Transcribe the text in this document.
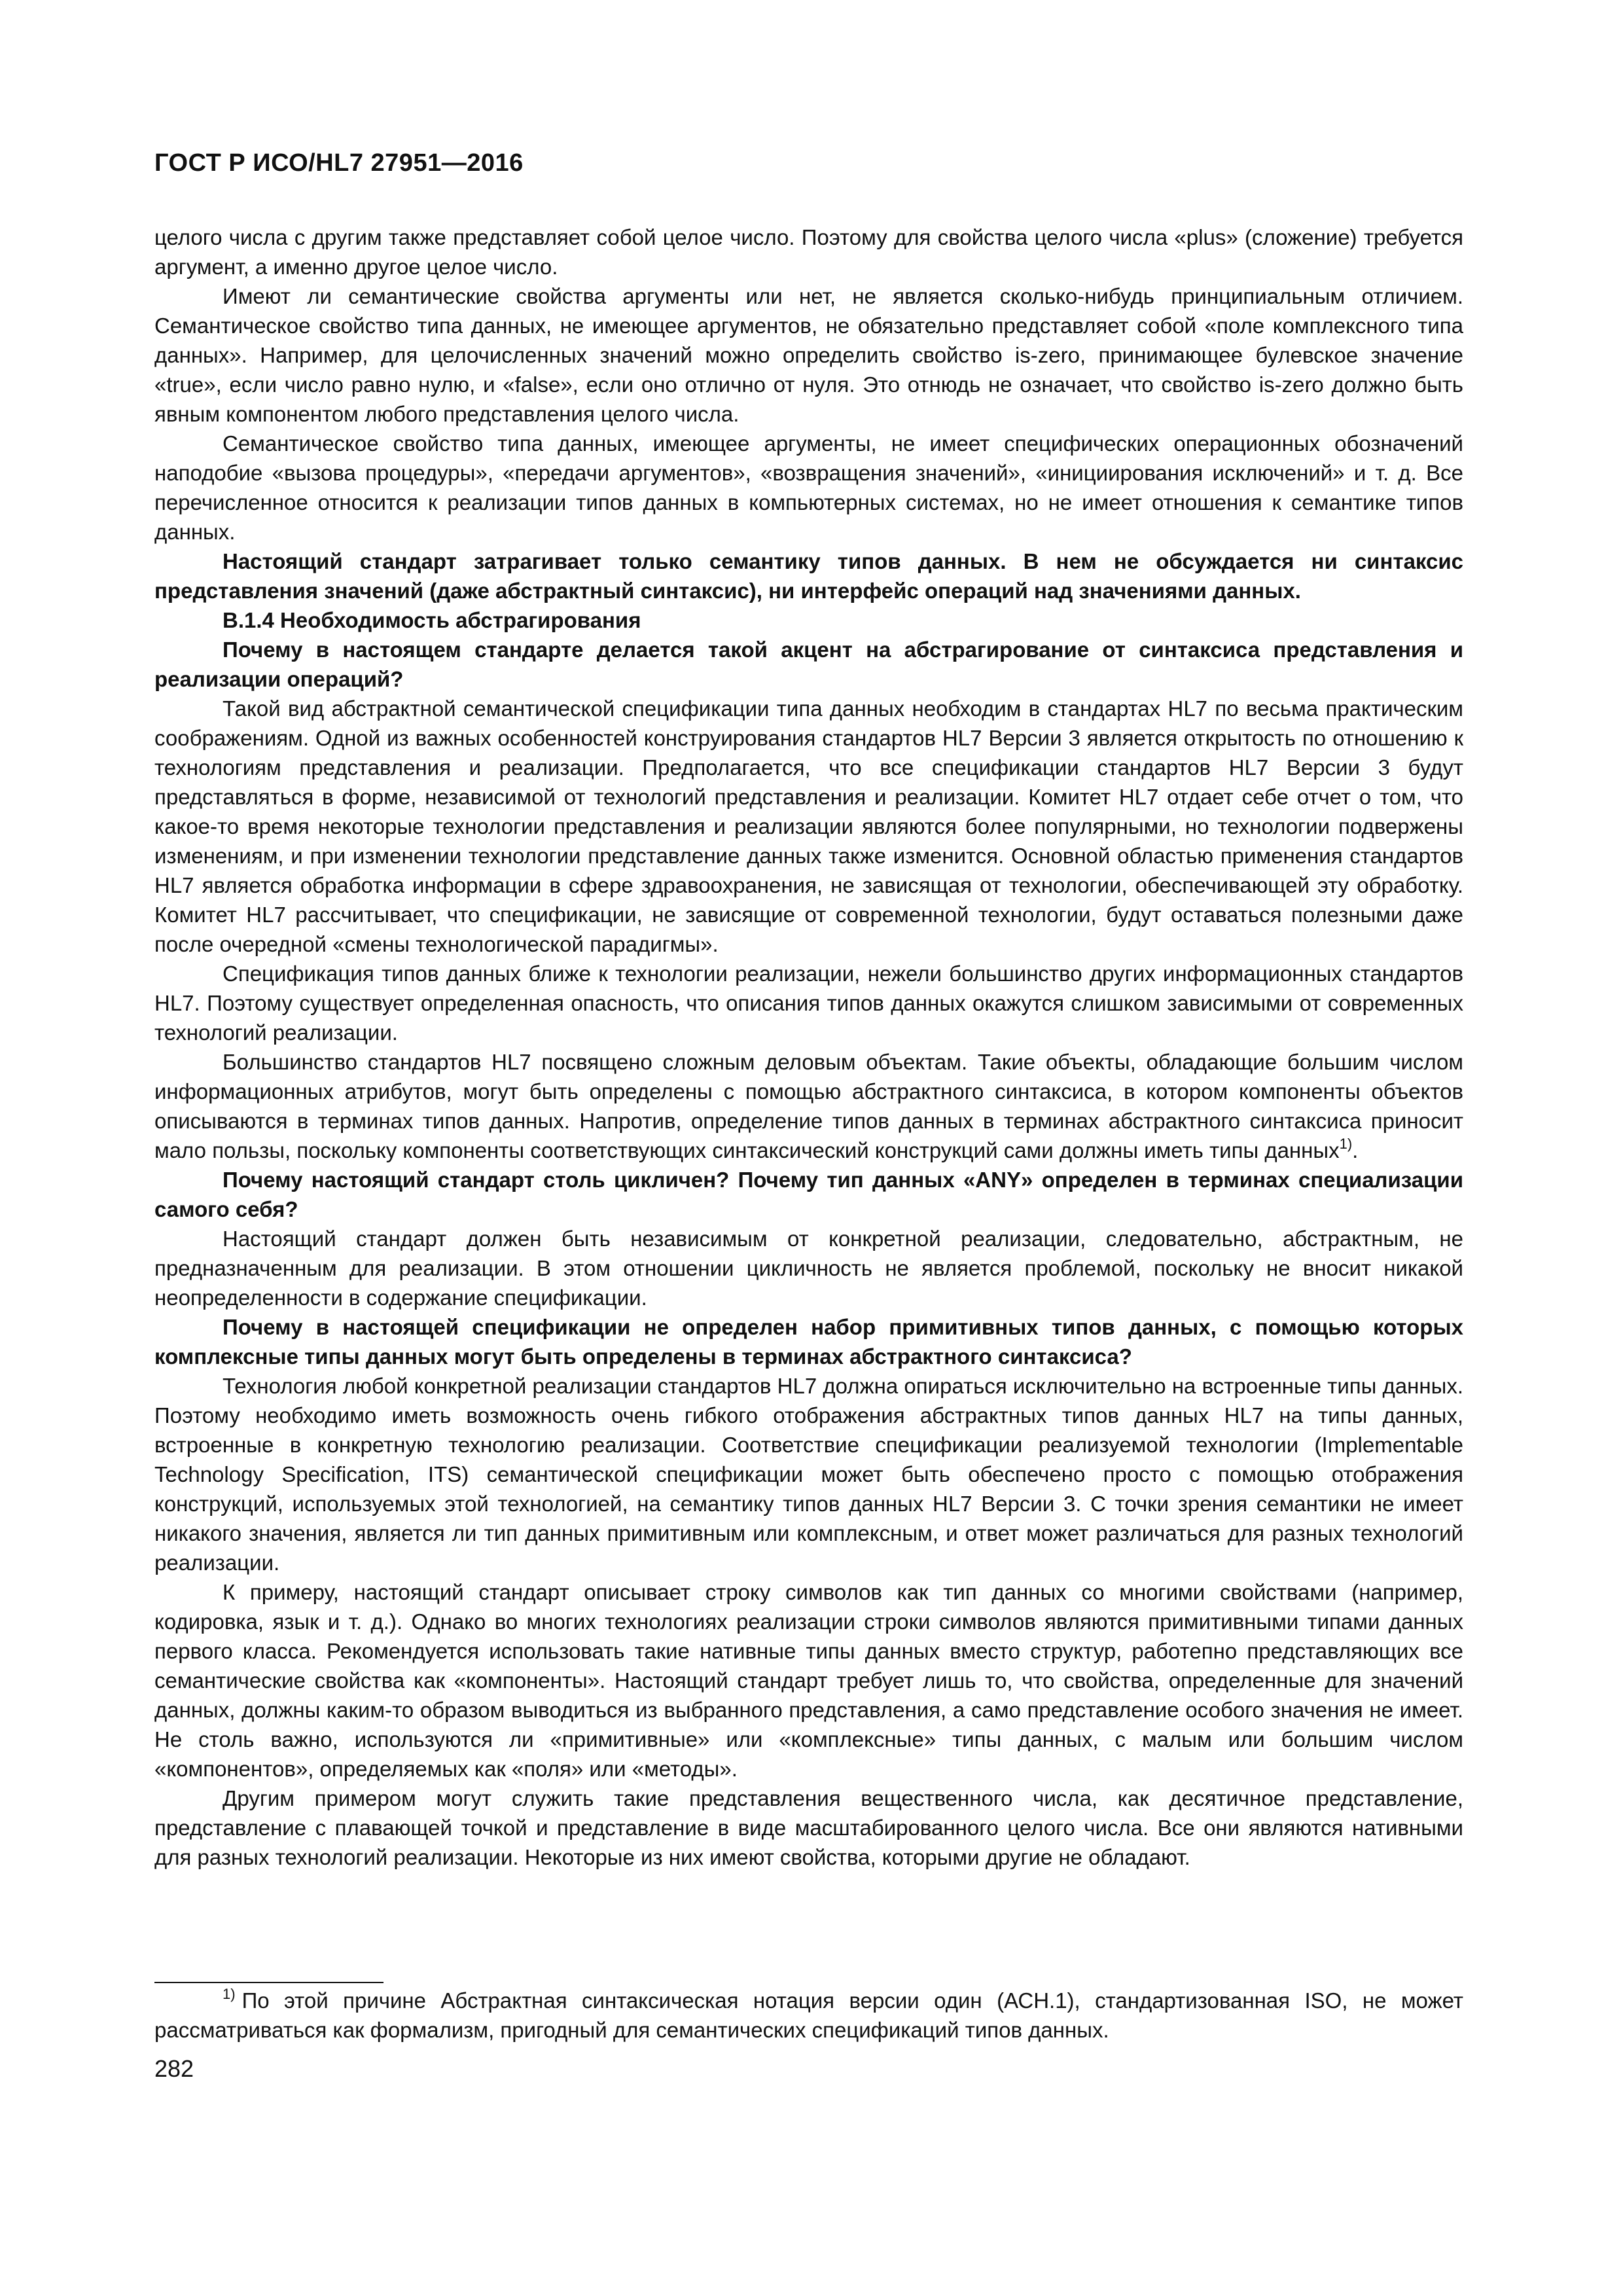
ГОСТ Р ИСО/HL7 27951—2016

целого числа с другим также представляет собой целое число. Поэтому для свойства целого числа «plus» (сложение) требуется аргумент, а именно другое целое число.

Имеют ли семантические свойства аргументы или нет, не является сколько-нибудь принципиальным отличием. Семантическое свойство типа данных, не имеющее аргументов, не обязательно представляет собой «поле комплексного типа данных». Например, для целочисленных значений можно определить свойство is-zero, принимающее булевское значение «true», если число равно нулю, и «false», если оно отлично от нуля. Это отнюдь не означает, что свойство is-zero должно быть явным компонентом любого представления целого числа.

Семантическое свойство типа данных, имеющее аргументы, не имеет специфических операционных обозначений наподобие «вызова процедуры», «передачи аргументов», «возвращения значений», «инициирования исключений» и т. д. Все перечисленное относится к реализации типов данных в компьютерных системах, но не имеет отношения к семантике типов данных.

Настоящий стандарт затрагивает только семантику типов данных. В нем не обсуждается ни синтаксис представления значений (даже абстрактный синтаксис), ни интерфейс операций над значениями данных.

В.1.4 Необходимость абстрагирования

Почему в настоящем стандарте делается такой акцент на абстрагирование от синтаксиса представления и реализации операций?

Такой вид абстрактной семантической спецификации типа данных необходим в стандартах HL7 по весьма практическим соображениям. Одной из важных особенностей конструирования стандартов HL7 Версии 3 является открытость по отношению к технологиям представления и реализации. Предполагается, что все спецификации стандартов HL7 Версии 3 будут представляться в форме, независимой от технологий представления и реализации. Комитет HL7 отдает себе отчет о том, что какое-то время некоторые технологии представления и реализации являются более популярными, но технологии подвержены изменениям, и при изменении технологии представление данных также изменится. Основной областью применения стандартов HL7 является обработка информации в сфере здравоохранения, не зависящая от технологии, обеспечивающей эту обработку. Комитет HL7 рассчитывает, что спецификации, не зависящие от современной технологии, будут оставаться полезными даже после очередной «смены технологической парадигмы».

Спецификация типов данных ближе к технологии реализации, нежели большинство других информационных стандартов HL7. Поэтому существует определенная опасность, что описания типов данных окажутся слишком зависимыми от современных технологий реализации.

Большинство стандартов HL7 посвящено сложным деловым объектам. Такие объекты, обладающие большим числом информационных атрибутов, могут быть определены с помощью абстрактного синтаксиса, в котором компоненты объектов описываются в терминах типов данных. Напротив, определение типов данных в терминах абстрактного синтаксиса приносит мало пользы, поскольку компоненты соответствующих синтаксический конструкций сами должны иметь типы данных$^{1)}$.

Почему настоящий стандарт столь цикличен? Почему тип данных «ANY» определен в терминах специализации самого себя?

Настоящий стандарт должен быть независимым от конкретной реализации, следовательно, абстрактным, не предназначенным для реализации. В этом отношении цикличность не является проблемой, поскольку не вносит никакой неопределенности в содержание спецификации.

Почему в настоящей спецификации не определен набор примитивных типов данных, с помощью которых комплексные типы данных могут быть определены в терминах абстрактного синтаксиса?

Технология любой конкретной реализации стандартов HL7 должна опираться исключительно на встроенные типы данных. Поэтому необходимо иметь возможность очень гибкого отображения абстрактных типов данных HL7 на типы данных, встроенные в конкретную технологию реализации. Соответствие спецификации реализуемой технологии (Implementable Technology Specification, ITS) семантической спецификации может быть обеспечено просто с помощью отображения конструкций, используемых этой технологией, на семантику типов данных HL7 Версии 3. С точки зрения семантики не имеет никакого значения, является ли тип данных примитивным или комплексным, и ответ может различаться для разных технологий реализации.

К примеру, настоящий стандарт описывает строку символов как тип данных со многими свойствами (например, кодировка, язык и т. д.). Однако во многих технологиях реализации строки символов являются примитивными типами данных первого класса. Рекомендуется использовать такие нативные типы данных вместо структур, работепно представляющих все семантические свойства как «компоненты». Настоящий стандарт требует лишь то, что свойства, определенные для значений данных, должны каким-то образом выводиться из выбранного представления, а само представление особого значения не имеет. Не столь важно, используются ли «примитивные» или «комплексные» типы данных, с малым или большим числом «компонентов», определяемых как «поля» или «методы».

Другим примером могут служить такие представления вещественного числа, как десятичное представление, представление с плавающей точкой и представление в виде масштабированного целого числа. Все они являются нативными для разных технологий реализации. Некоторые из них имеют свойства, которыми другие не обладают.

$^{1)}$ По этой причине Абстрактная синтаксическая нотация версии один (АСН.1), стандартизованная ISO, не может рассматриваться как формализм, пригодный для семантических спецификаций типов данных.

282
